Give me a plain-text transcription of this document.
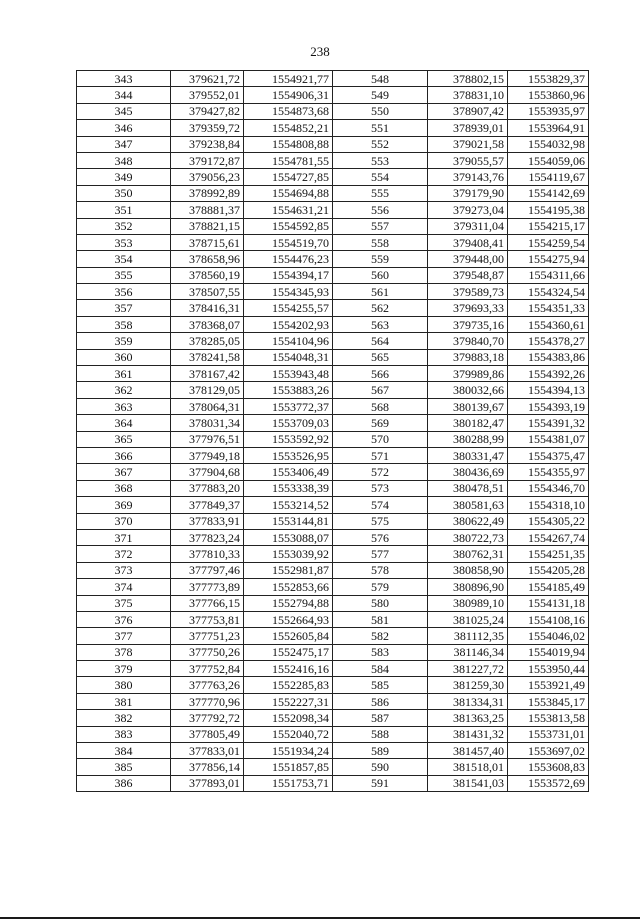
238
343	379621,72	1554921,77	548	378802,15	1553829,37
344	379552,01	1554906,31	549	378831,10	1553860,96
345	379427,82	1554873,68	550	378907,42	1553935,97
346	379359,72	1554852,21	551	378939,01	1553964,91
347	379238,84	1554808,88	552	379021,58	1554032,98
348	379172,87	1554781,55	553	379055,57	1554059,06
349	379056,23	1554727,85	554	379143,76	1554119,67
350	378992,89	1554694,88	555	379179,90	1554142,69
351	378881,37	1554631,21	556	379273,04	1554195,38
352	378821,15	1554592,85	557	379311,04	1554215,17
353	378715,61	1554519,70	558	379408,41	1554259,54
354	378658,96	1554476,23	559	379448,00	1554275,94
355	378560,19	1554394,17	560	379548,87	1554311,66
356	378507,55	1554345,93	561	379589,73	1554324,54
357	378416,31	1554255,57	562	379693,33	1554351,33
358	378368,07	1554202,93	563	379735,16	1554360,61
359	378285,05	1554104,96	564	379840,70	1554378,27
360	378241,58	1554048,31	565	379883,18	1554383,86
361	378167,42	1553943,48	566	379989,86	1554392,26
362	378129,05	1553883,26	567	380032,66	1554394,13
363	378064,31	1553772,37	568	380139,67	1554393,19
364	378031,34	1553709,03	569	380182,47	1554391,32
365	377976,51	1553592,92	570	380288,99	1554381,07
366	377949,18	1553526,95	571	380331,47	1554375,47
367	377904,68	1553406,49	572	380436,69	1554355,97
368	377883,20	1553338,39	573	380478,51	1554346,70
369	377849,37	1553214,52	574	380581,63	1554318,10
370	377833,91	1553144,81	575	380622,49	1554305,22
371	377823,24	1553088,07	576	380722,73	1554267,74
372	377810,33	1553039,92	577	380762,31	1554251,35
373	377797,46	1552981,87	578	380858,90	1554205,28
374	377773,89	1552853,66	579	380896,90	1554185,49
375	377766,15	1552794,88	580	380989,10	1554131,18
376	377753,81	1552664,93	581	381025,24	1554108,16
377	377751,23	1552605,84	582	381112,35	1554046,02
378	377750,26	1552475,17	583	381146,34	1554019,94
379	377752,84	1552416,16	584	381227,72	1553950,44
380	377763,26	1552285,83	585	381259,30	1553921,49
381	377770,96	1552227,31	586	381334,31	1553845,17
382	377792,72	1552098,34	587	381363,25	1553813,58
383	377805,49	1552040,72	588	381431,32	1553731,01
384	377833,01	1551934,24	589	381457,40	1553697,02
385	377856,14	1551857,85	590	381518,01	1553608,83
386	377893,01	1551753,71	591	381541,03	1553572,69
